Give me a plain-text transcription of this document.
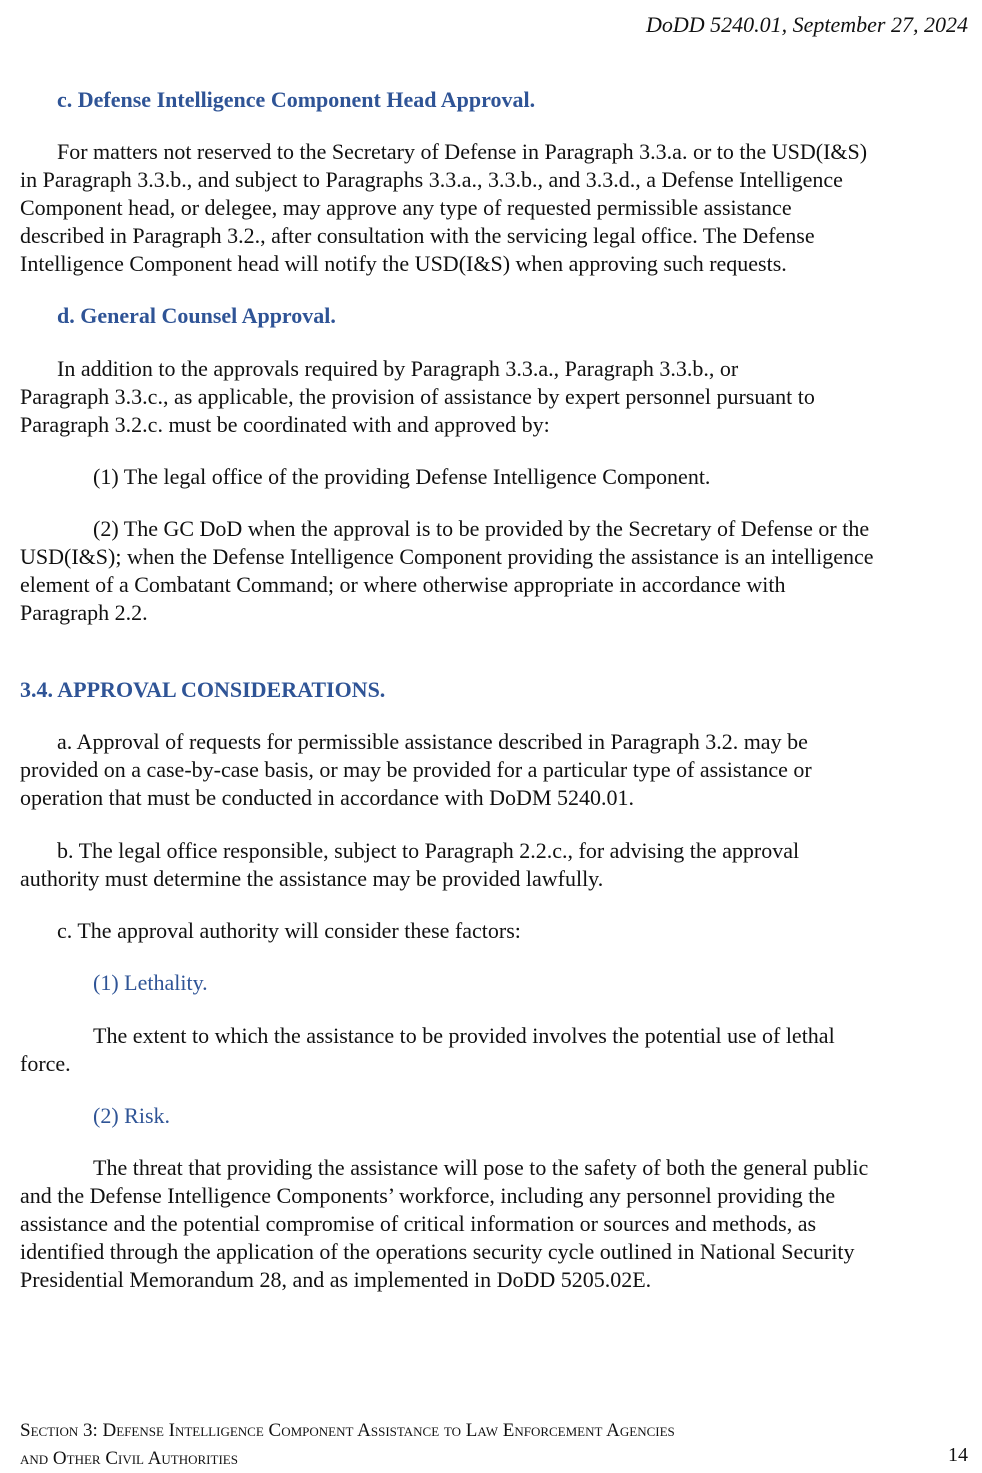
DoDD 5240.01, September 27, 2024

c. Defense Intelligence Component Head Approval.

For matters not reserved to the Secretary of Defense in Paragraph 3.3.a. or to the USD(I&S)

in Paragraph 3.3.b., and subject to Paragraphs 3.3.a., 3.3.b., and 3.3.d., a Defense Intelligence

Component head, or delegee, may approve any type of requested permissible assistance

described in Paragraph 3.2., after consultation with the servicing legal office. The Defense

Intelligence Component head will notify the USD(I&S) when approving such requests.

d. General Counsel Approval.

In addition to the approvals required by Paragraph 3.3.a., Paragraph 3.3.b., or

Paragraph 3.3.c., as applicable, the provision of assistance by expert personnel pursuant to

Paragraph 3.2.c. must be coordinated with and approved by:

(1) The legal office of the providing Defense Intelligence Component.

(2) The GC DoD when the approval is to be provided by the Secretary of Defense or the

USD(I&S); when the Defense Intelligence Component providing the assistance is an intelligence

element of a Combatant Command; or where otherwise appropriate in accordance with

Paragraph 2.2.

3.4. APPROVAL CONSIDERATIONS.

a. Approval of requests for permissible assistance described in Paragraph 3.2. may be

provided on a case-by-case basis, or may be provided for a particular type of assistance or

operation that must be conducted in accordance with DoDM 5240.01.

b. The legal office responsible, subject to Paragraph 2.2.c., for advising the approval

authority must determine the assistance may be provided lawfully.

c. The approval authority will consider these factors:

(1) Lethality.

The extent to which the assistance to be provided involves the potential use of lethal

force.

(2) Risk.

The threat that providing the assistance will pose to the safety of both the general public

and the Defense Intelligence Components’ workforce, including any personnel providing the

assistance and the potential compromise of critical information or sources and methods, as

identified through the application of the operations security cycle outlined in National Security

Presidential Memorandum 28, and as implemented in DoDD 5205.02E.

Section 3: Defense Intelligence Component Assistance to Law Enforcement Agencies
and Other Civil Authorities	14
